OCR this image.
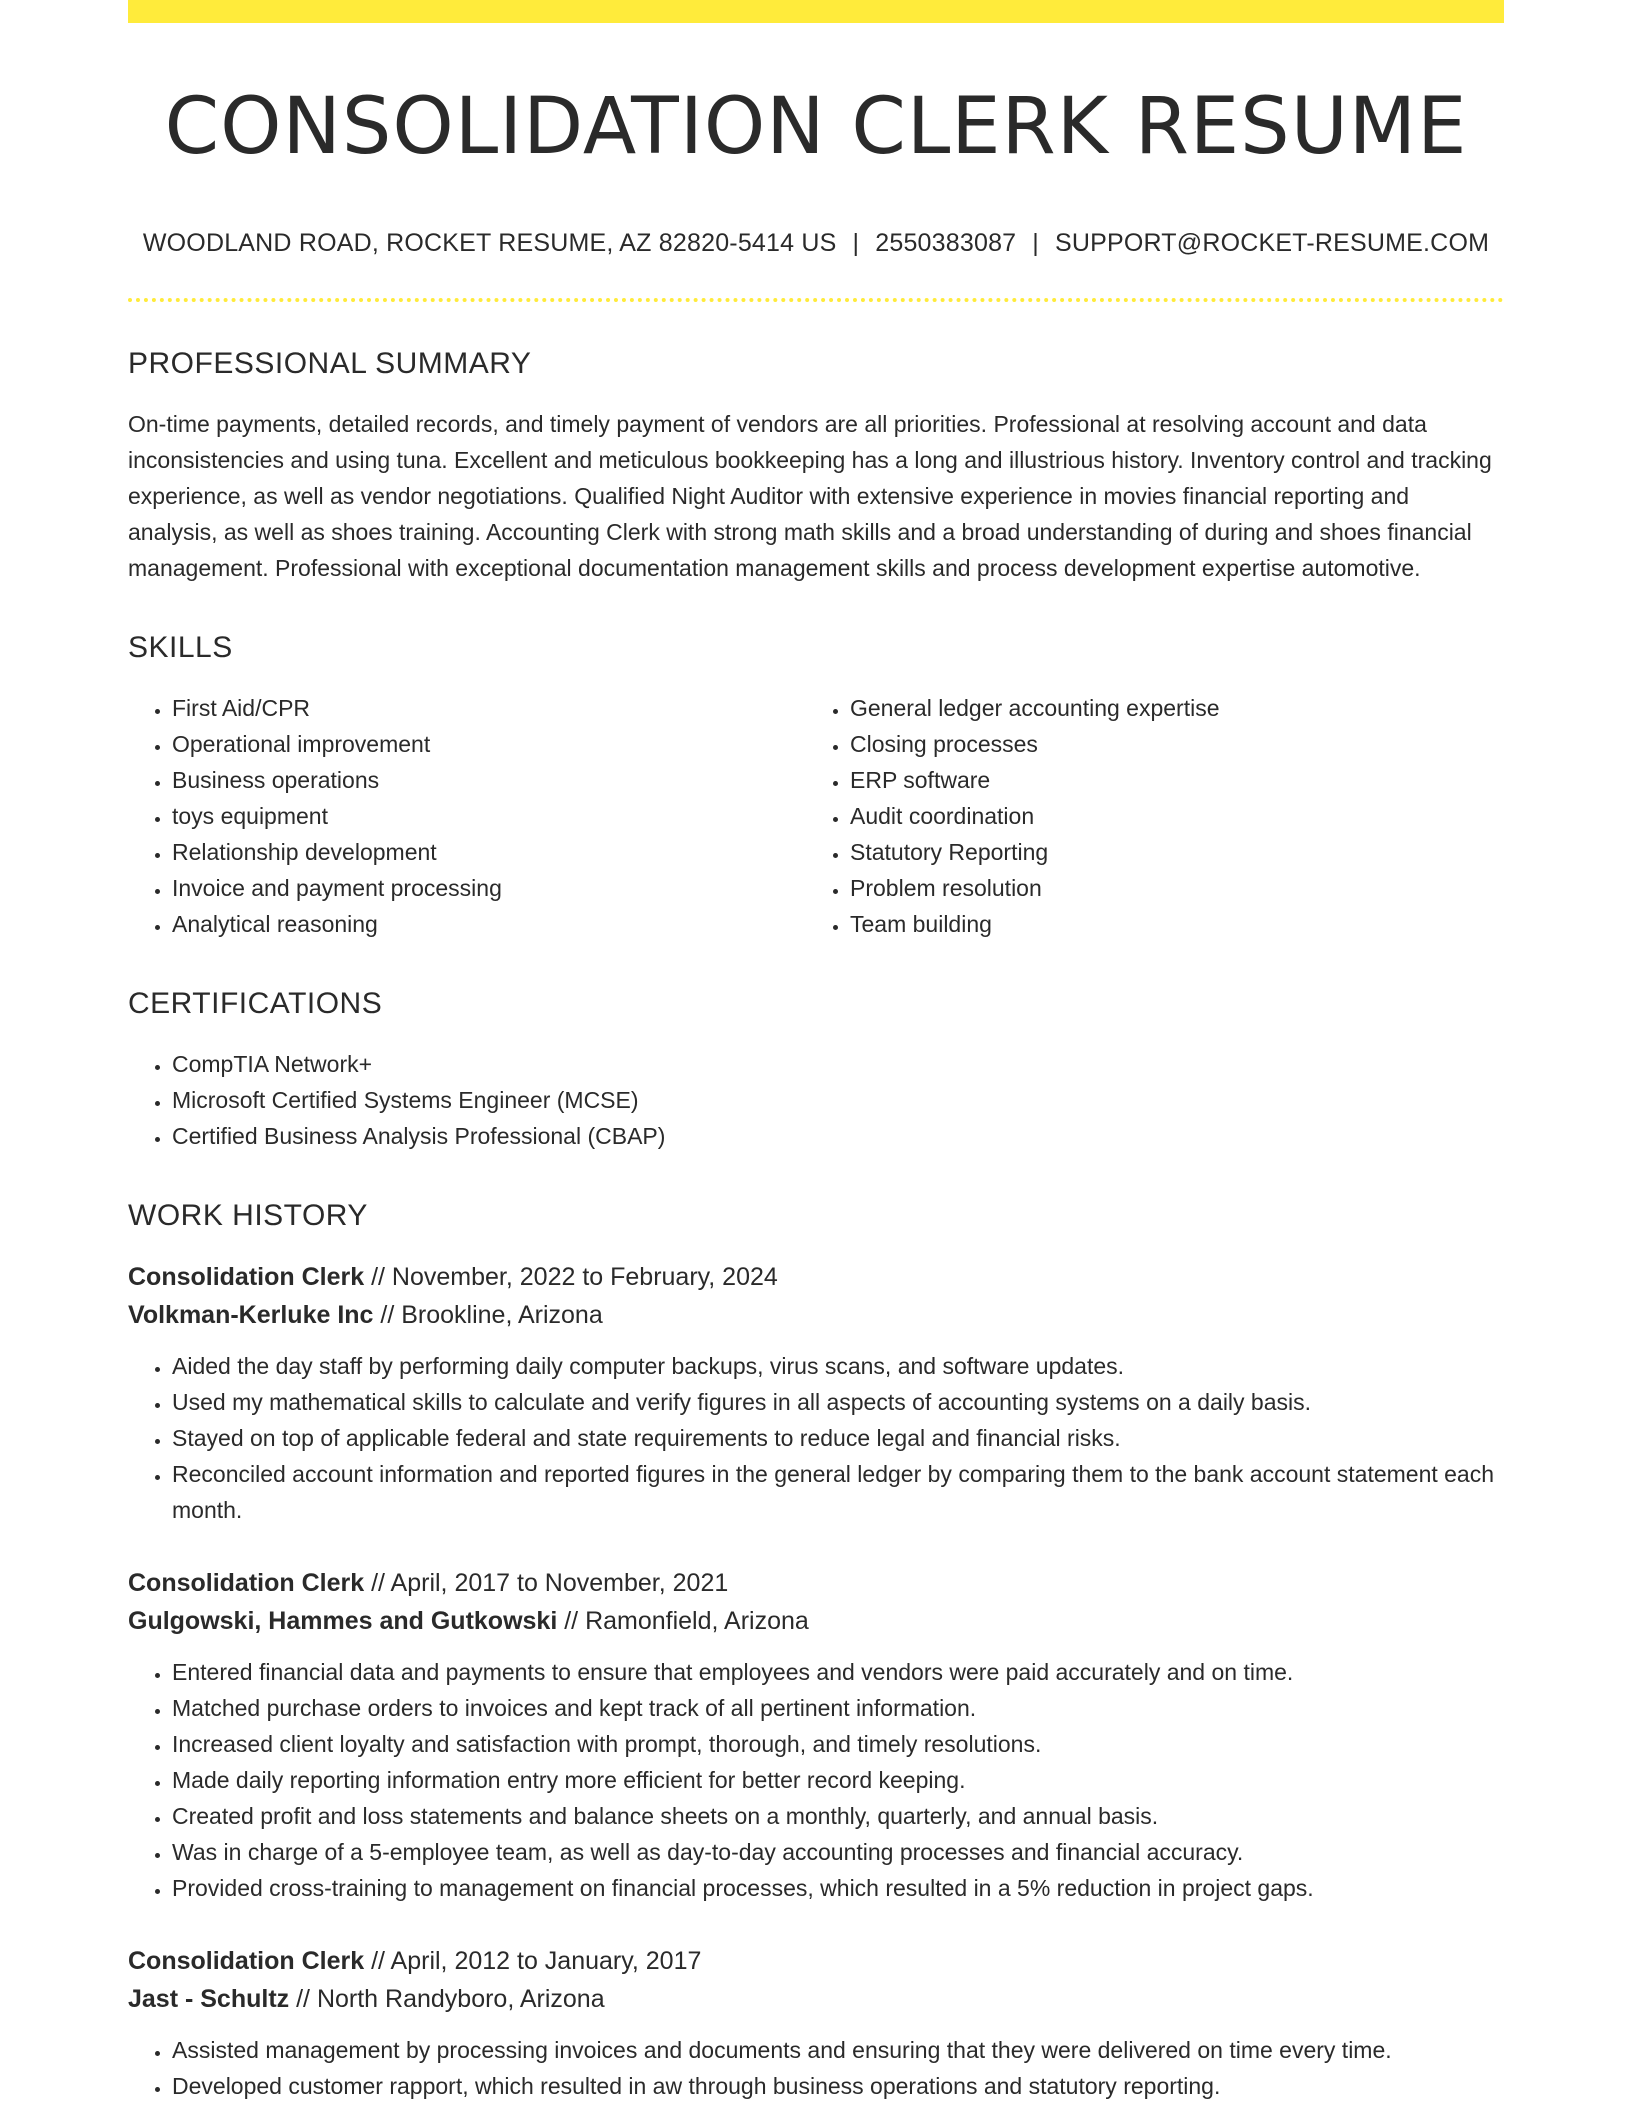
CONSOLIDATION CLERK RESUME
WOODLAND ROAD, ROCKET RESUME, AZ 82820-5414 US | 2550383087 | SUPPORT@ROCKET-RESUME.COM
PROFESSIONAL SUMMARY

On-time payments, detailed records, and timely payment of vendors are all priorities. Professional at resolving account and data inconsistencies and using tuna. Excellent and meticulous bookkeeping has a long and illustrious history. Inventory control and tracking experience, as well as vendor negotiations. Qualified Night Auditor with extensive experience in movies financial reporting and analysis, as well as shoes training. Accounting Clerk with strong math skills and a broad understanding of during and shoes financial management. Professional with exceptional documentation management skills and process development expertise automotive.

SKILLS
• First Aid/CPR
• Operational improvement
• Business operations
• toys equipment
• Relationship development
• Invoice and payment processing
• Analytical reasoning
• General ledger accounting expertise
• Closing processes
• ERP software
• Audit coordination
• Statutory Reporting
• Problem resolution
• Team building
CERTIFICATIONS
• CompTIA Network+
• Microsoft Certified Systems Engineer (MCSE)
• Certified Business Analysis Professional (CBAP)
WORK HISTORY
Consolidation Clerk // November, 2022 to February, 2024
Volkman-Kerluke Inc // Brookline, Arizona
• Aided the day staff by performing daily computer backups, virus scans, and software updates.
• Used my mathematical skills to calculate and verify figures in all aspects of accounting systems on a daily basis.
• Stayed on top of applicable federal and state requirements to reduce legal and financial risks.
• Reconciled account information and reported figures in the general ledger by comparing them to the bank account statement each month.
Consolidation Clerk // April, 2017 to November, 2021
Gulgowski, Hammes and Gutkowski // Ramonfield, Arizona
• Entered financial data and payments to ensure that employees and vendors were paid accurately and on time.
• Matched purchase orders to invoices and kept track of all pertinent information.
• Increased client loyalty and satisfaction with prompt, thorough, and timely resolutions.
• Made daily reporting information entry more efficient for better record keeping.
• Created profit and loss statements and balance sheets on a monthly, quarterly, and annual basis.
• Was in charge of a 5-employee team, as well as day-to-day accounting processes and financial accuracy.
• Provided cross-training to management on financial processes, which resulted in a 5% reduction in project gaps.
Consolidation Clerk // April, 2012 to January, 2017
Jast - Schultz // North Randyboro, Arizona
• Assisted management by processing invoices and documents and ensuring that they were delivered on time every time.
• Developed customer rapport, which resulted in aw through business operations and statutory reporting.
